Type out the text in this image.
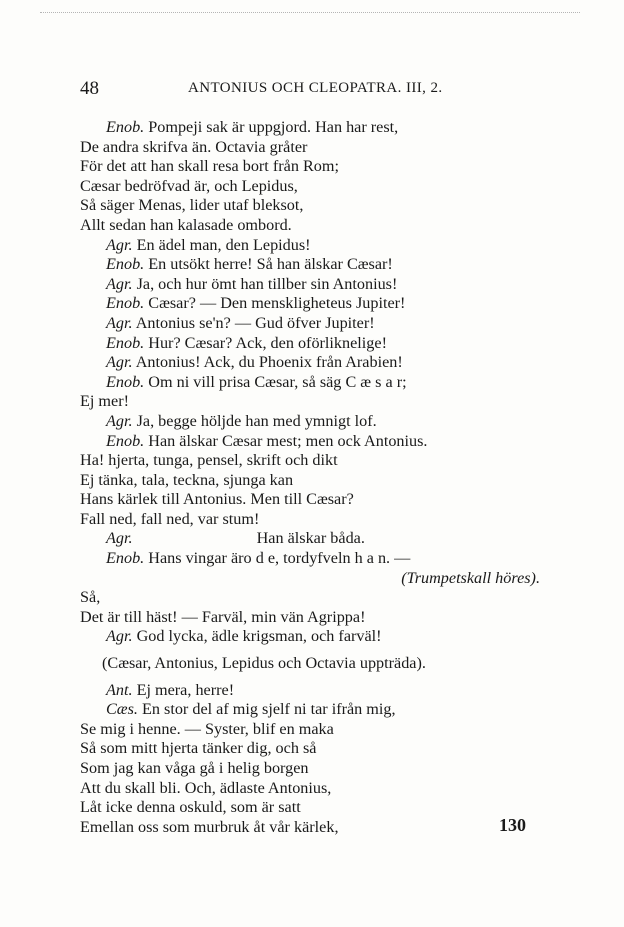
48	ANTONIUS OCH CLEOPATRA. III, 2.
Enob. Pompeji sak är uppgjord. Han har rest,
De andra skrifva än. Octavia gråter
För det att han skall resa bort från Rom;
Cæsar bedröfvad är, och Lepidus,
Så säger Menas, lider utaf bleksot,
Allt sedan han kalasade ombord.
Agr. En ädel man, den Lepidus!
Enob. En utsökt herre! Så han älskar Cæsar!
Agr. Ja, och hur ömt han tillber sin Antonius!
Enob. Cæsar? — Den menskligheteus Jupiter!
Agr. Antonius se'n? — Gud öfver Jupiter!
Enob. Hur? Cæsar? Ack, den oförliknelige!
Agr. Antonius! Ack, du Phoenix från Arabien!
Enob. Om ni vill prisa Cæsar, så säg C æ s a r;
Ej mer!
Agr. Ja, begge höljde han med ymnigt lof.
Enob. Han älskar Cæsar mest; men ock Antonius.
Ha! hjerta, tunga, pensel, skrift och dikt
Ej tänka, tala, teckna, sjunga kan
Hans kärlek till Antonius. Men till Cæsar?
Fall ned, fall ned, var stum!
Agr.	Han älskar båda.
Enob. Hans vingar äro d e, tordyfveln h a n. —
(Trumpetskall höres).
Så,
Det är till häst! — Farväl, min vän Agrippa!
Agr. God lycka, ädle krigsman, och farväl!
(Cæsar, Antonius, Lepidus och Octavia uppträda).
Ant. Ej mera, herre!
Cæs. En stor del af mig sjelf ni tar ifrån mig,
Se mig i henne. — Syster, blif en maka
Så som mitt hjerta tänker dig, och så
Som jag kan våga gå i helig borgen
Att du skall bli. Och, ädlaste Antonius,
Låt icke denna oskuld, som är satt
Emellan oss som murbruk åt vår kärlek,	130
